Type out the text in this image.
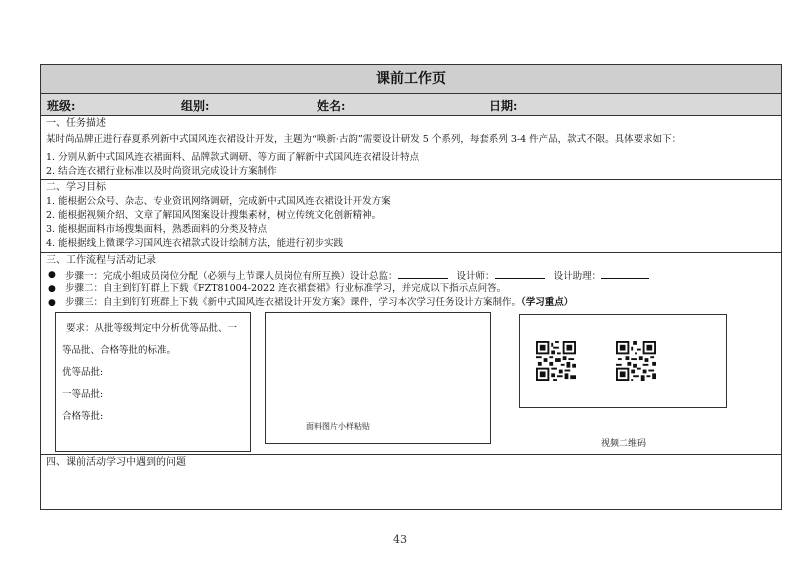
课前工作页
班级:	组别:	姓名:	日期:
一、任务描述
某时尚品牌正进行春夏系列新中式国风连衣裙设计开发，主题为“唤新·古韵”需要设计研发 5 个系列，每套系列 3-4 件产品，款式不限。具体要求如下：
1. 分别从新中式国风连衣裙面料、品牌款式调研、等方面了解新中式国风连衣裙设计特点
2. 结合连衣裙行业标准以及时尚资讯完成设计方案制作
二、学习目标
1. 能根据公众号、杂志、专业资讯网络调研，完成新中式国风连衣裙设计开发方案
2. 能根据视频介绍、文章了解国风图案设计搜集素材，树立传统文化创新精神。
3. 能根据面料市场搜集面料，熟悉面料的分类及特点
4. 能根据线上微课学习国风连衣裙款式设计绘制方法，能进行初步实践
三、工作流程与活动记录
● 步骤一：完成小组成员岗位分配（必须与上节课人员岗位有所互换）设计总监：	设计师：	设计助理：
● 步骤二：自主到钉钉群上下载《FZT81004-2022 连衣裙套裙》行业标准学习，并完成以下指示点问答。
● 步骤三：自主到钉钉班群上下载《新中式国风连衣裙设计开发方案》课件，学习本次学习任务设计方案制作。（学习重点）
要求：从批等级判定中分析优等品批、一
等品批、合格等批的标准。
优等品批:
一等品批:
合格等批:
面料图片小样粘贴
视频二维码
四、课前活动学习中遇到的问题
43
